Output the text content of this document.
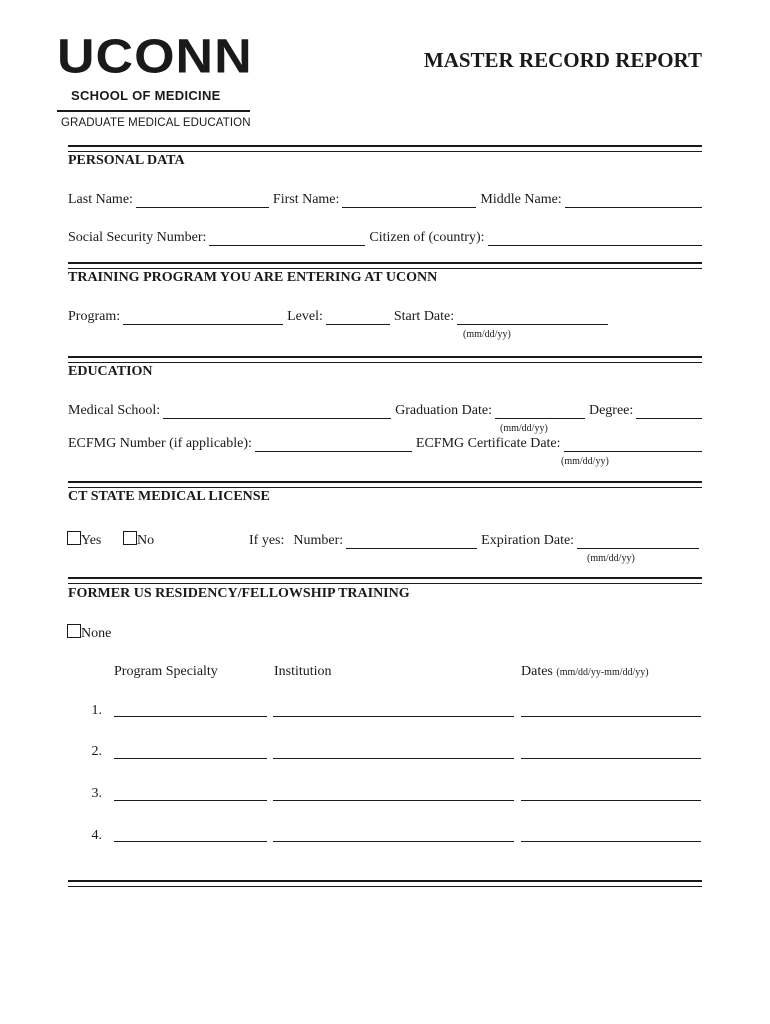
UCONN
SCHOOL OF MEDICINE
GRADUATE MEDICAL EDUCATION
MASTER RECORD REPORT
PERSONAL DATA
Last Name:	First Name:	Middle Name:
Social Security Number:	Citizen of (country):
TRAINING PROGRAM YOU ARE ENTERING AT UCONN
Program:	Level:	Start Date:
(mm/dd/yy)
EDUCATION
Medical School:	Graduation Date:	Degree:
(mm/dd/yy)
ECFMG Number (if applicable):	ECFMG Certificate Date:
(mm/dd/yy)
CT STATE MEDICAL LICENSE
Yes	No	If yes: Number:	Expiration Date:
(mm/dd/yy)
FORMER US RESIDENCY/FELLOWSHIP TRAINING
None
Program Specialty	Institution	Dates (mm/dd/yy-mm/dd/yy)
1.
2.
3.
4.
